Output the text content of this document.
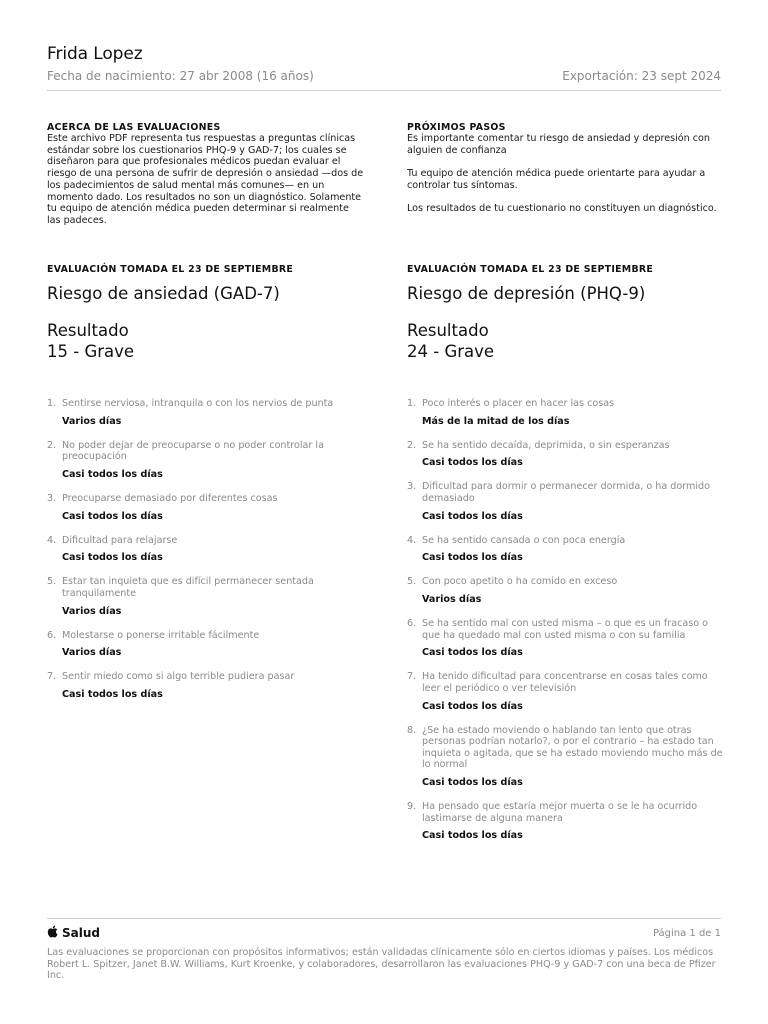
Frida Lopez
Fecha de nacimiento: 27 abr 2008 (16 años)	Exportación: 23 sept 2024
ACERCA DE LAS EVALUACIONES
Este archivo PDF representa tus respuestas a preguntas clínicas estándar sobre los cuestionarios PHQ-9 y GAD-7; los cuales se diseñaron para que profesionales médicos puedan evaluar el riesgo de una persona de sufrir de depresión o ansiedad —dos de los padecimientos de salud mental más comunes— en un momento dado. Los resultados no son un diagnóstico. Solamente tu equipo de atención médica pueden determinar si realmente las padeces.
PRÓXIMOS PASOS
Es importante comentar tu riesgo de ansiedad y depresión con alguien de confianza
Tu equipo de atención médica puede orientarte para ayudar a controlar tus síntomas.
Los resultados de tu cuestionario no constituyen un diagnóstico.
EVALUACIÓN TOMADA EL 23 DE SEPTIEMBRE
Riesgo de ansiedad (GAD-7)
Resultado
15 - Grave
EVALUACIÓN TOMADA EL 23 DE SEPTIEMBRE
Riesgo de depresión (PHQ-9)
Resultado
24 - Grave
1. Sentirse nerviosa, intranquila o con los nervios de punta
Varios días
2. No poder dejar de preocuparse o no poder controlar la preocupación
Casi todos los días
3. Preocuparse demasiado por diferentes cosas
Casi todos los días
4. Dificultad para relajarse
Casi todos los días
5. Estar tan inquieta que es difícil permanecer sentada tranquilamente
Varios días
6. Molestarse o ponerse irritable fácilmente
Varios días
7. Sentir miedo como si algo terrible pudiera pasar
Casi todos los días
1. Poco interés o placer en hacer las cosas
Más de la mitad de los días
2. Se ha sentido decaída, deprimida, o sin esperanzas
Casi todos los días
3. Dificultad para dormir o permanecer dormida, o ha dormido demasiado
Casi todos los días
4. Se ha sentido cansada o con poca energía
Casi todos los días
5. Con poco apetito o ha comido en exceso
Varios días
6. Se ha sentido mal con usted misma – o que es un fracaso o que ha quedado mal con usted misma o con su familia
Casi todos los días
7. Ha tenido dificultad para concentrarse en cosas tales como leer el periódico o ver televisión
Casi todos los días
8. ¿Se ha estado moviendo o hablando tan lento que otras personas podrían notarlo?, o por el contrario – ha estado tan inquieta o agitada, que se ha estado moviendo mucho más de lo normal
Casi todos los días
9. Ha pensado que estaría mejor muerta o se le ha ocurrido lastimarse de alguna manera
Casi todos los días
Salud	Página 1 de 1
Las evaluaciones se proporcionan con propósitos informativos; están validadas clínicamente sólo en ciertos idiomas y países. Los médicos Robert L. Spitzer, Janet B.W. Williams, Kurt Kroenke, y colaboradores, desarrollaron las evaluaciones PHQ-9 y GAD-7 con una beca de Pfizer Inc.
